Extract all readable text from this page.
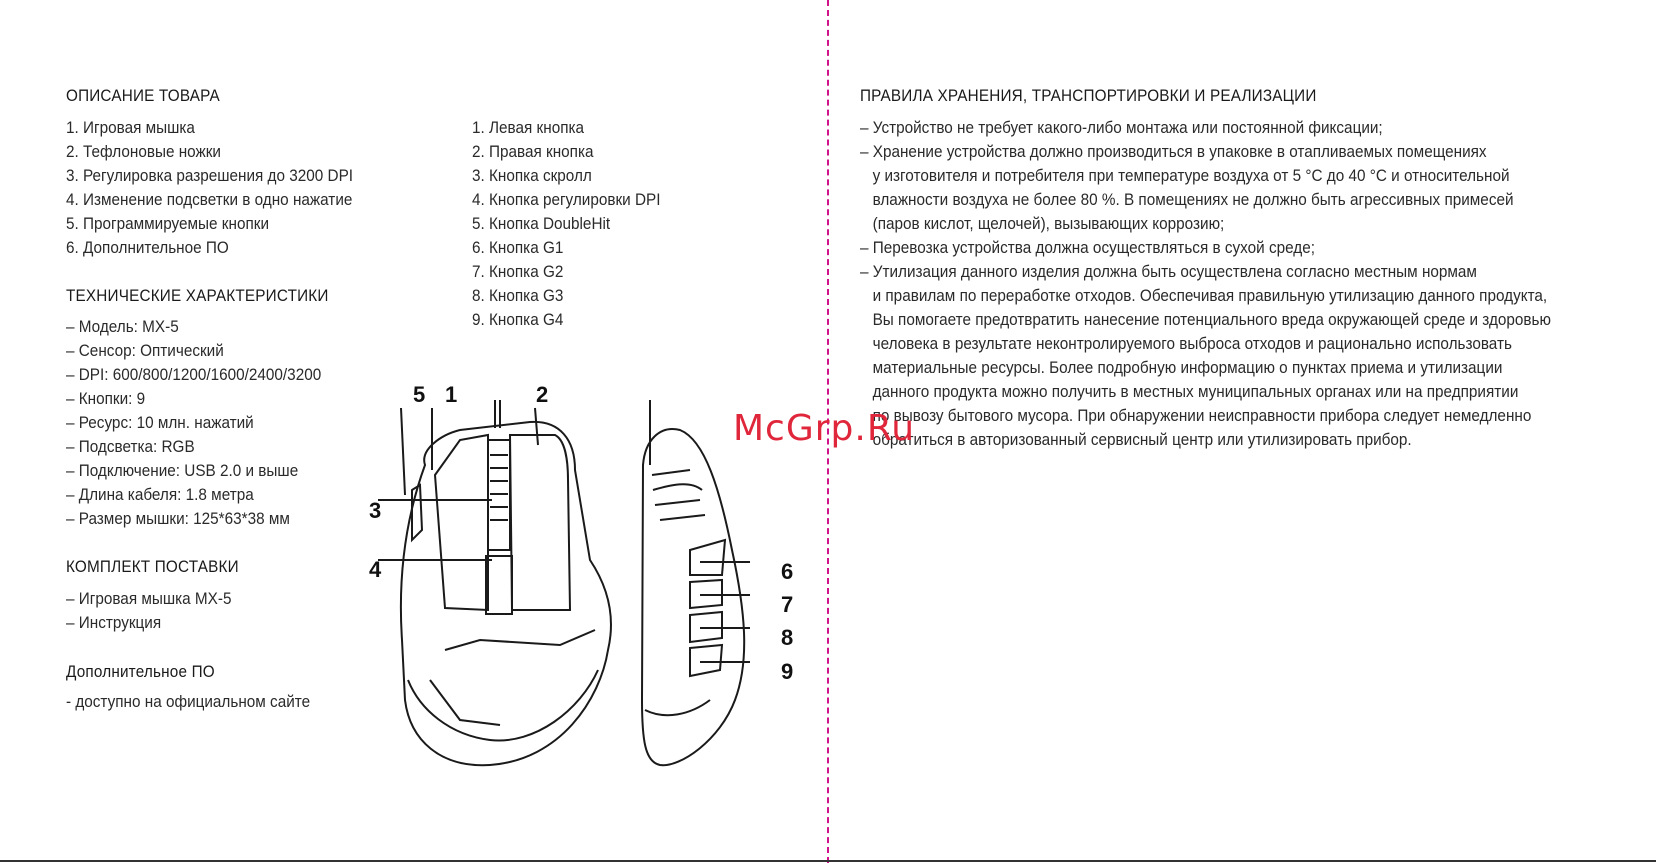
ОПИСАНИЕ ТОВАРА
1. Игровая мышка
2. Тефлоновые ножки
3. Регулировка разрешения до 3200 DPI
4. Изменение подсветки в одно нажатие
5. Программируемые кнопки
6. Дополнительное ПО
1. Левая кнопка
2. Правая кнопка
3. Кнопка скролл
4. Кнопка регулировки DPI
5. Кнопка DoubleHit
6. Кнопка G1
7. Кнопка G2
8. Кнопка G3
9. Кнопка G4
ТЕХНИЧЕСКИЕ ХАРАКТЕРИСТИКИ
– Модель: MX-5
– Сенсор: Оптический
– DPI: 600/800/1200/1600/2400/3200
– Кнопки: 9
– Ресурс: 10 млн. нажатий
– Подсветка: RGB
– Подключение: USB 2.0 и выше
– Длина кабеля: 1.8 метра
– Размер мышки: 125*63*38 мм
КОМПЛЕКТ ПОСТАВКИ
– Игровая мышка MX-5
– Инструкция
Дополнительное ПО
- доступно на официальном сайте
5 1	2
3
4	6
7
8
9
ПРАВИЛА ХРАНЕНИЯ, ТРАНСПОРТИРОВКИ И РЕАЛИЗАЦИИ
– Устройство не требует какого-либо монтажа или постоянной фиксации;
– Хранение устройства должно производиться в упаковке в отапливаемых помещениях
у изготовителя и потребителя при температуре воздуха от 5 °С до 40 °С и относительной
влажности воздуха не более 80 %. В помещениях не должно быть агрессивных примесей
(паров кислот, щелочей), вызывающих коррозию;
– Перевозка устройства должна осуществляться в сухой среде;
– Утилизация данного изделия должна быть осуществлена согласно местным нормам
и правилам по переработке отходов. Обеспечивая правильную утилизацию данного продукта,
Вы помогаете предотвратить нанесение потенциального вреда окружающей среде и здоровью
человека в результате неконтролируемого выброса отходов и рационально использовать
материальные ресурсы. Более подробную информацию о пунктах приема и утилизации
данного продукта можно получить в местных муниципальных органах или на предприятии
по вывозу бытового мусора. При обнаружении неисправности прибора следует немедленно
обратиться в авторизованный сервисный центр или утилизировать прибор.
McGrp.Ru
